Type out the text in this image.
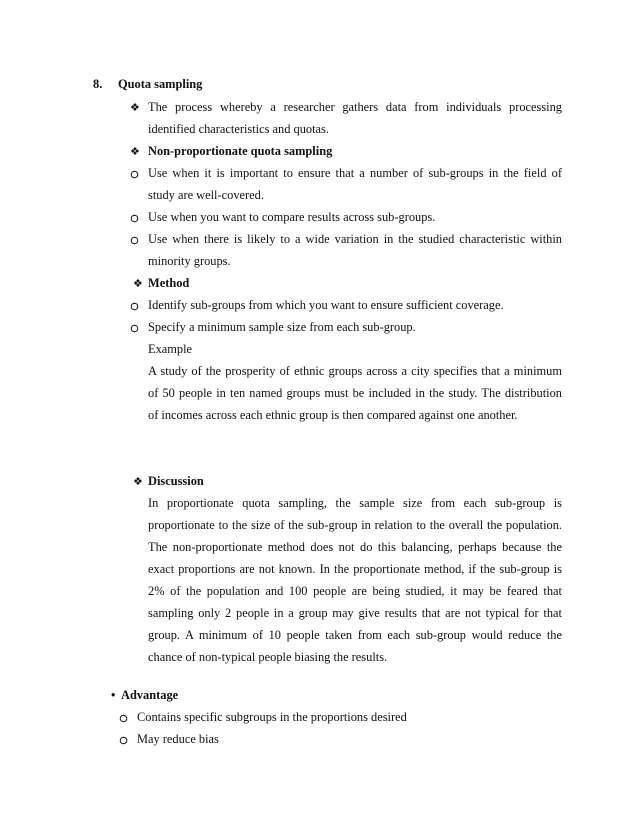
8. Quota sampling
❖ The process whereby a researcher gathers data from individuals processing
identified characteristics and quotas.
❖ Non-proportionate quota sampling
Use when it is important to ensure that a number of sub-groups in the field of
study are well-covered.
Use when you want to compare results across sub-groups.
Use when there is likely to a wide variation in the studied characteristic within
minority groups.
❖ Method
Identify sub-groups from which you want to ensure sufficient coverage.
Specify a minimum sample size from each sub-group.
Example
A study of the prosperity of ethnic groups across a city specifies that a minimum
of 50 people in ten named groups must be included in the study. The distribution
of incomes across each ethnic group is then compared against one another.
❖ Discussion
In proportionate quota sampling, the sample size from each sub-group is
proportionate to the size of the sub-group in relation to the overall the population.
The non-proportionate method does not do this balancing, perhaps because the
exact proportions are not known. In the proportionate method, if the sub-group is
2% of the population and 100 people are being studied, it may be feared that
sampling only 2 people in a group may give results that are not typical for that
group. A minimum of 10 people taken from each sub-group would reduce the
chance of non-typical people biasing the results.
• Advantage
Contains specific subgroups in the proportions desired
May reduce bias
